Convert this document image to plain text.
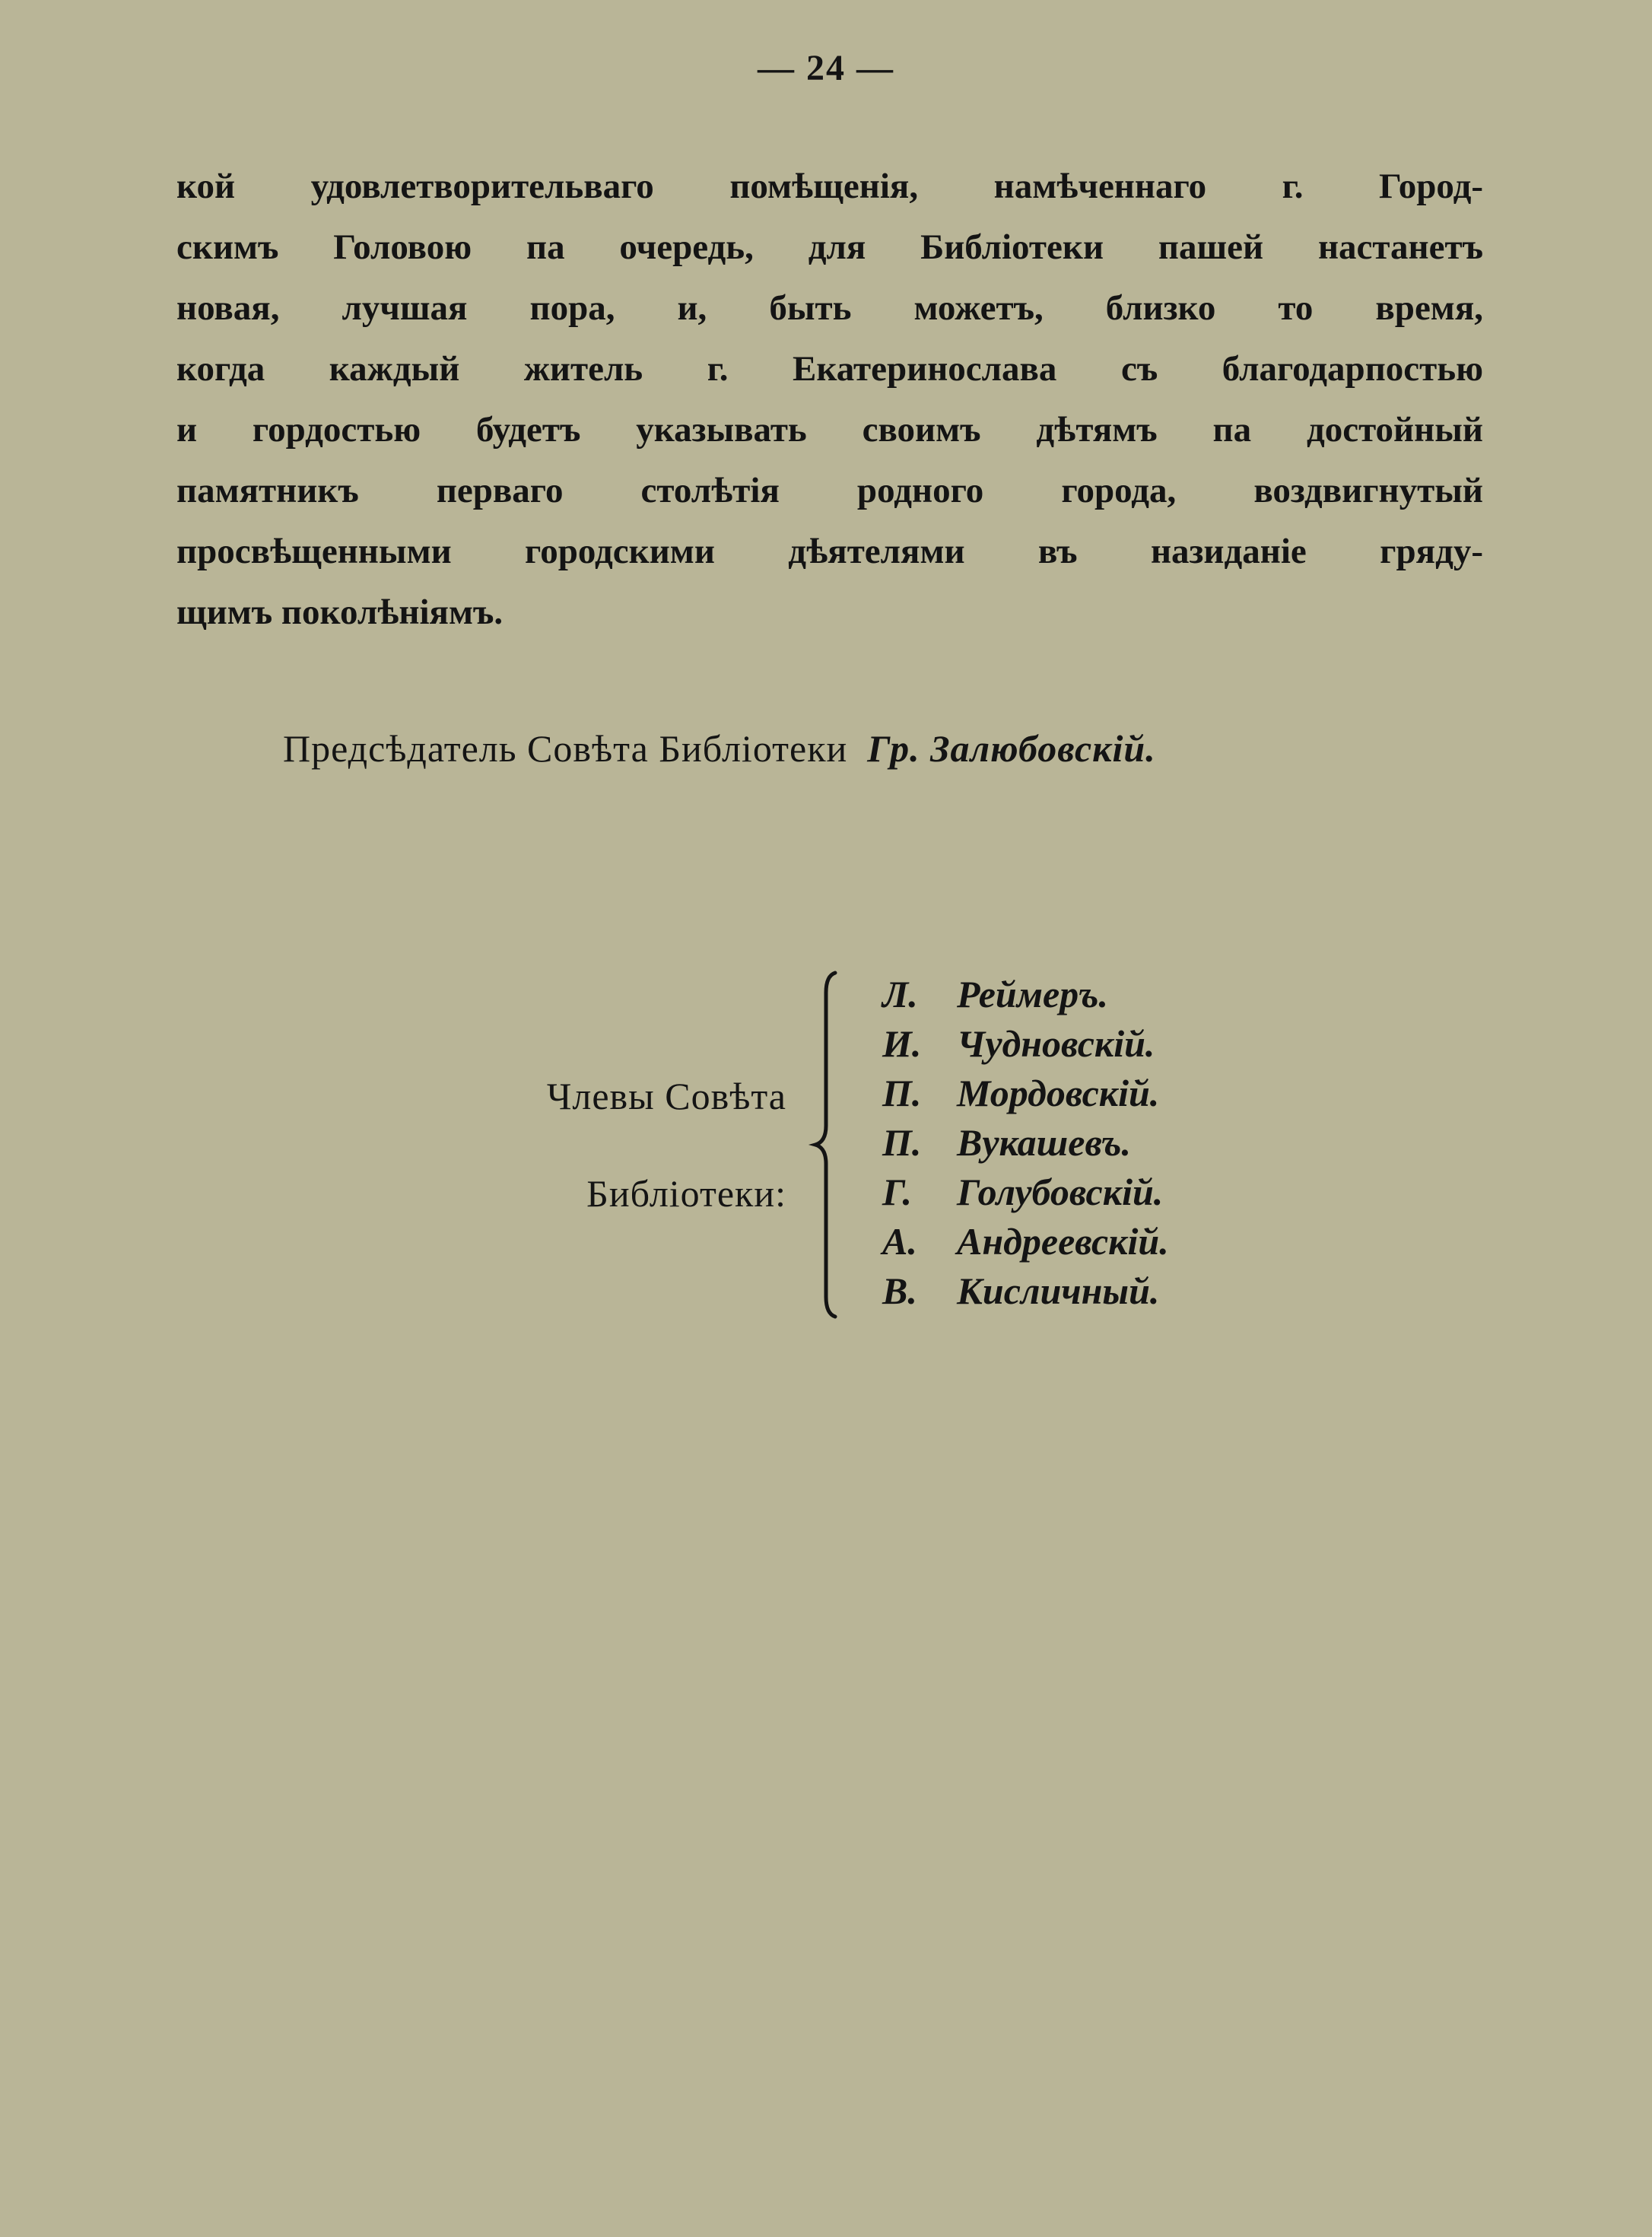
— 24 —
кой удовлетворительваго помѣщенія, намѣченнаго г. Город-
скимъ Головою па очередь, для Библіотеки пашей настанетъ
новая, лучшая пора, и, быть можетъ, близко то время,
когда каждый житель г. Екатеринослава съ благодарпостью
и гордостью будетъ указывать своимъ дѣтямъ па достойный
памятникъ перваго столѣтія родного города, воздвигнутый
просвѣщенными городскими дѣятелями въ назиданіе гряду-
щимъ поколѣніямъ.
Предсѣдатель Совѣта Библіотеки Гр. Залюбовскій.
Члевы Совѣта
Библіотеки:
Л. Реймеръ.
И. Чудновскій.
П. Мордовскій.
П. Вукашевъ.
Г. Голубовскій.
А. Андреевскій.
В. Кисличный.
